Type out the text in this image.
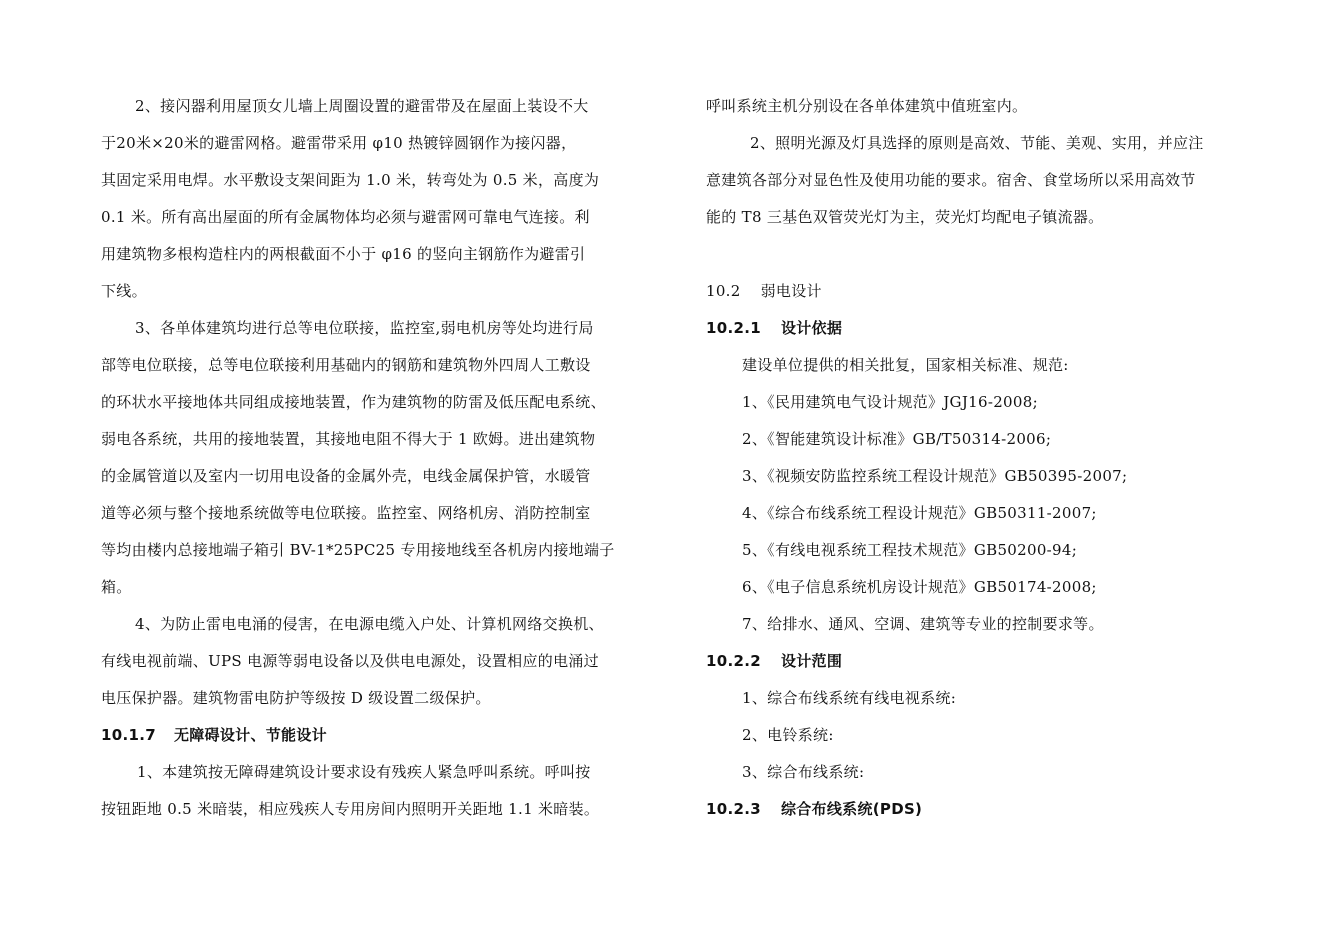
2、接闪器利用屋顶女儿墙上周圈设置的避雷带及在屋面上装设不大
于20米×20米的避雷网格。避雷带采用 φ10 热镀锌圆钢作为接闪器，
其固定采用电焊。水平敷设支架间距为 1.0 米，转弯处为 0.5 米，高度为
0.1 米。所有高出屋面的所有金属物体均必须与避雷网可靠电气连接。利
用建筑物多根构造柱内的两根截面不小于 φ16 的竖向主钢筋作为避雷引
下线。
3、各单体建筑均进行总等电位联接，监控室,弱电机房等处均进行局
部等电位联接，总等电位联接利用基础内的钢筋和建筑物外四周人工敷设
的环状水平接地体共同组成接地装置，作为建筑物的防雷及低压配电系统、
弱电各系统，共用的接地装置，其接地电阻不得大于 1 欧姆。进出建筑物
的金属管道以及室内一切用电设备的金属外壳，电线金属保护管，水暖管
道等必须与整个接地系统做等电位联接。监控室、网络机房、消防控制室
等均由楼内总接地端子箱引 BV-1*25PC25 专用接地线至各机房内接地端子
箱。
4、为防止雷电电涌的侵害，在电源电缆入户处、计算机网络交换机、
有线电视前端、UPS 电源等弱电设备以及供电电源处，设置相应的电涌过
电压保护器。建筑物雷电防护等级按 D 级设置二级保护。
10.1.7 无障碍设计、节能设计
1、本建筑按无障碍建筑设计要求设有残疾人紧急呼叫系统。呼叫按
按钮距地 0.5 米暗装，相应残疾人专用房间内照明开关距地 1.1 米暗装。
呼叫系统主机分别设在各单体建筑中值班室内。
2、照明光源及灯具选择的原则是高效、节能、美观、实用，并应注
意建筑各部分对显色性及使用功能的要求。宿舍、食堂场所以采用高效节
能的 T8 三基色双管荧光灯为主，荧光灯均配电子镇流器。
10.2 弱电设计
10.2.1 设计依据
建设单位提供的相关批复，国家相关标准、规范:
1、《民用建筑电气设计规范》JGJ16-2008;
2、《智能建筑设计标准》GB/T50314-2006;
3、《视频安防监控系统工程设计规范》GB50395-2007;
4、《综合布线系统工程设计规范》GB50311-2007;
5、《有线电视系统工程技术规范》GB50200-94;
6、《电子信息系统机房设计规范》GB50174-2008;
7、给排水、通风、空调、建筑等专业的控制要求等。
10.2.2 设计范围
1、综合布线系统有线电视系统:
2、电铃系统:
3、综合布线系统:
10.2.3 综合布线系统(PDS)
